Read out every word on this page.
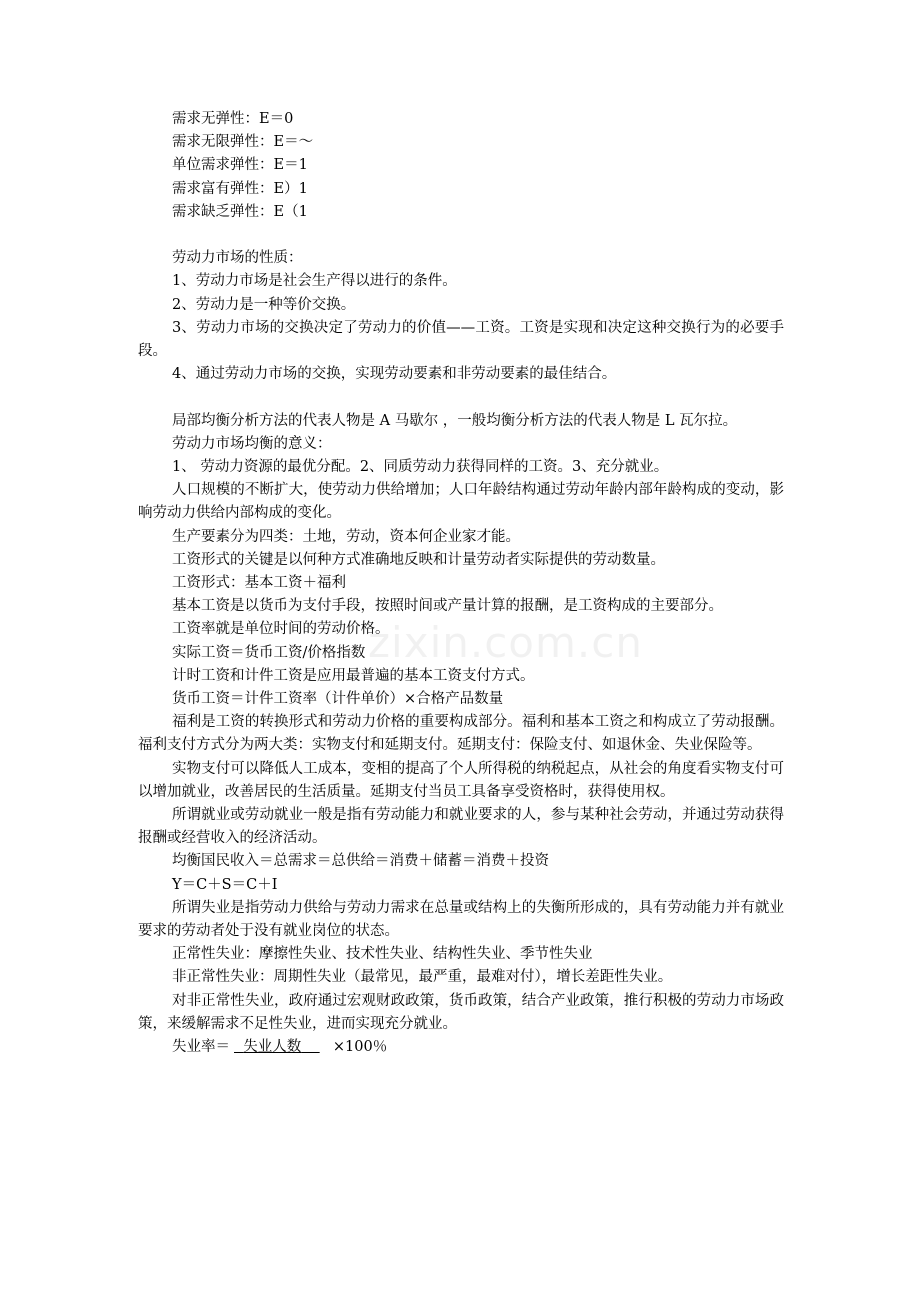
zixin.com.cn

需求无弹性：E＝0

需求无限弹性：E＝～

单位需求弹性：E＝1

需求富有弹性：E）1

需求缺乏弹性：E（1

劳动力市场的性质：

1、劳动力市场是社会生产得以进行的条件。

2、劳动力是一种等价交换。

3、劳动力市场的交换决定了劳动力的价值——工资。工资是实现和决定这种交换行为的必要手段。

4、通过劳动力市场的交换，实现劳动要素和非劳动要素的最佳结合。

局部均衡分析方法的代表人物是 A 马歇尔 ，一般均衡分析方法的代表人物是 L 瓦尔拉。

劳动力市场均衡的意义：

1、 劳动力资源的最优分配。2、同质劳动力获得同样的工资。3、充分就业。

人口规模的不断扩大，使劳动力供给增加；人口年龄结构通过劳动年龄内部年龄构成的变动，影响劳动力供给内部构成的变化。

生产要素分为四类：土地，劳动，资本何企业家才能。

工资形式的关键是以何种方式准确地反映和计量劳动者实际提供的劳动数量。

工资形式：基本工资＋福利

基本工资是以货币为支付手段，按照时间或产量计算的报酬，是工资构成的主要部分。

工资率就是单位时间的劳动价格。

实际工资＝货币工资/价格指数

计时工资和计件工资是应用最普遍的基本工资支付方式。

货币工资＝计件工资率（计件单价）×合格产品数量

福利是工资的转换形式和劳动力价格的重要构成部分。福利和基本工资之和构成立了劳动报酬。福利支付方式分为两大类：实物支付和延期支付。延期支付：保险支付、如退休金、失业保险等。

实物支付可以降低人工成本，变相的提高了个人所得税的纳税起点，从社会的角度看实物支付可以增加就业，改善居民的生活质量。延期支付当员工具备享受资格时，获得使用权。

所谓就业或劳动就业一般是指有劳动能力和就业要求的人，参与某种社会劳动，并通过劳动获得报酬或经营收入的经济活动。

均衡国民收入＝总需求＝总供给＝消费＋储蓄＝消费＋投资

Y＝C＋S＝C＋I

所谓失业是指劳动力供给与劳动力需求在总量或结构上的失衡所形成的，具有劳动能力并有就业要求的劳动者处于没有就业岗位的状态。

正常性失业：摩擦性失业、技术性失业、结构性失业、季节性失业

非正常性失业：周期性失业（最常见，最严重，最难对付），增长差距性失业。

对非正常性失业，政府通过宏观财政政策，货币政策，结合产业政策，推行积极的劳动力市场政策，来缓解需求不足性失业，进而实现充分就业。

失业率＝ 失业人数 ×100％
